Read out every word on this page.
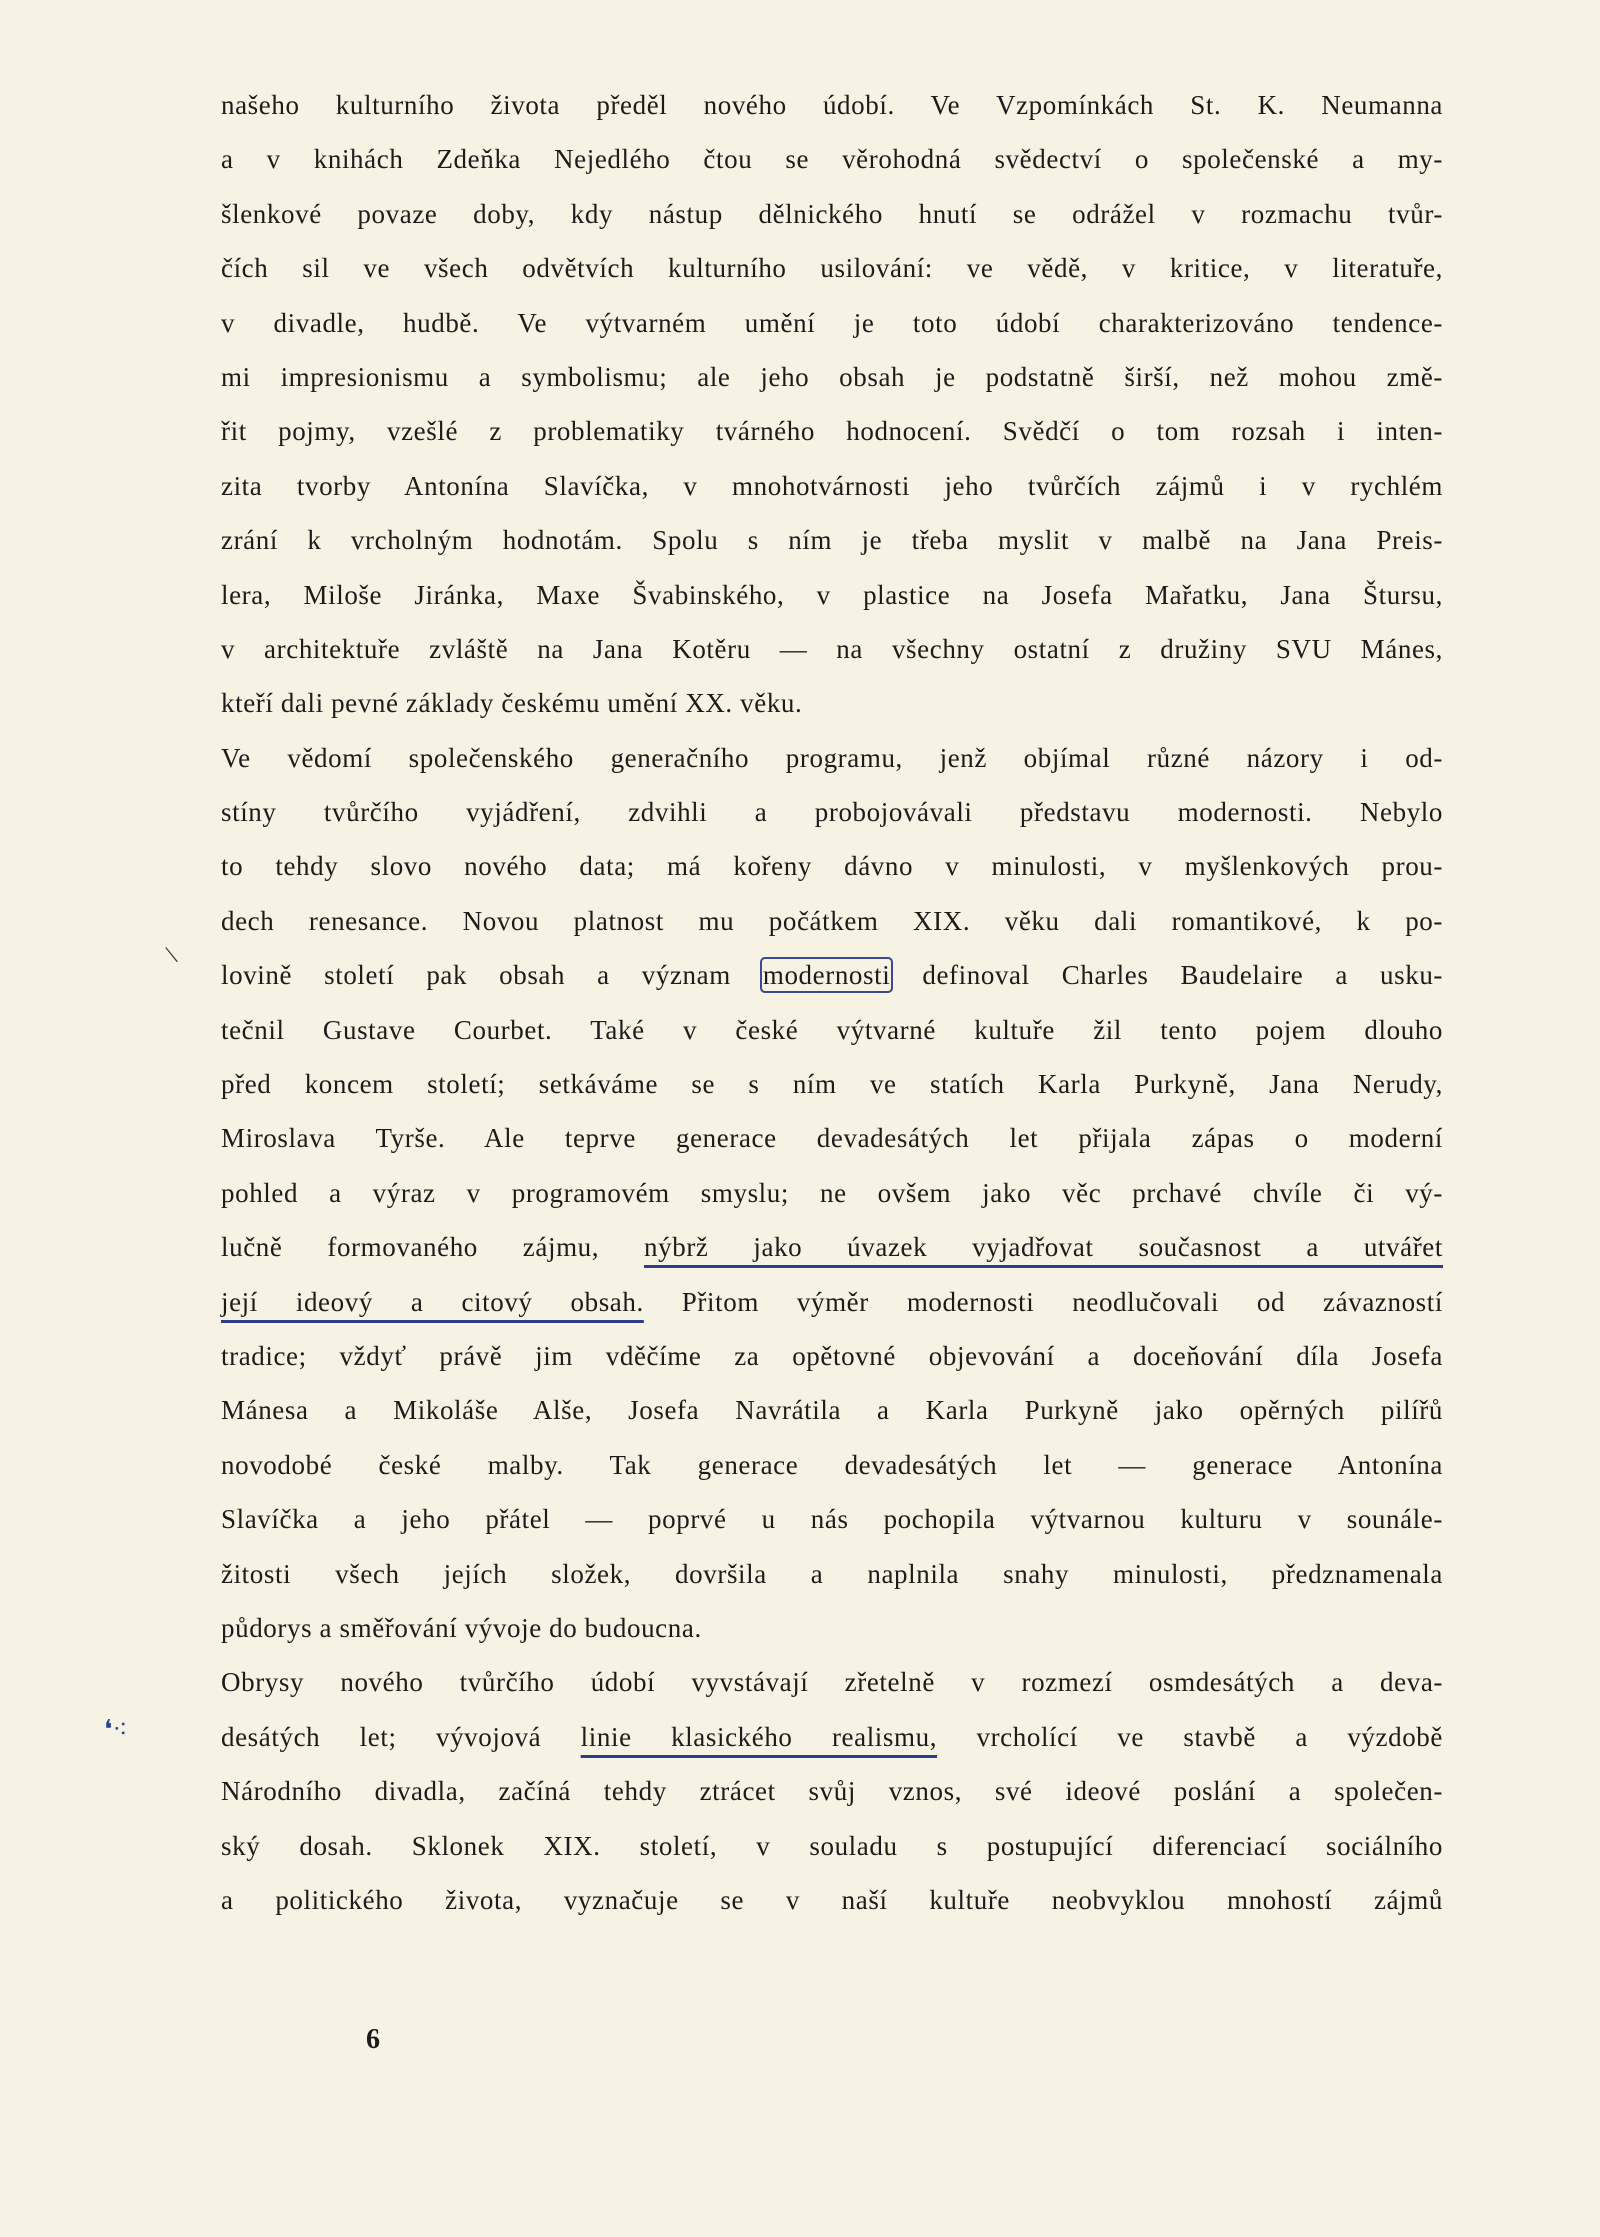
našeho kulturního života předěl nového údobí. Ve Vzpomínkách St. K. Neumanna
a v knihách Zdeňka Nejedlého čtou se věrohodná svědectví o společenské a my-
šlenkové povaze doby, kdy nástup dělnického hnutí se odrážel v rozmachu tvůr-
čích sil ve všech odvětvích kulturního usilování: ve vědě, v kritice, v literatuře,
v divadle, hudbě. Ve výtvarném umění je toto údobí charakterizováno tendence-
mi impresionismu a symbolismu; ale jeho obsah je podstatně širší, než mohou změ-
řit pojmy, vzešlé z problematiky tvárného hodnocení. Svědčí o tom rozsah i inten-
zita tvorby Antonína Slavíčka, v mnohotvárnosti jeho tvůrčích zájmů i v rychlém
zrání k vrcholným hodnotám. Spolu s ním je třeba myslit v malbě na Jana Preis-
lera, Miloše Jiránka, Maxe Švabinského, v plastice na Josefa Mařatku, Jana Štursu,
v architektuře zvláště na Jana Kotěru — na všechny ostatní z družiny SVU Mánes,
kteří dali pevné základy českému umění XX. věku.
Ve vědomí společenského generačního programu, jenž objímal různé názory i od-
stíny tvůrčího vyjádření, zdvihli a probojovávali představu modernosti. Nebylo
to tehdy slovo nového data; má kořeny dávno v minulosti, v myšlenkových prou-
dech renesance. Novou platnost mu počátkem XIX. věku dali romantikové, k po-
lovině století pak obsah a význam modernosti definoval Charles Baudelaire a usku-
tečnil Gustave Courbet. Také v české výtvarné kultuře žil tento pojem dlouho
před koncem století; setkáváme se s ním ve statích Karla Purkyně, Jana Nerudy,
Miroslava Tyrše. Ale teprve generace devadesátých let přijala zápas o moderní
pohled a výraz v programovém smyslu; ne ovšem jako věc prchavé chvíle či vý-
lučně formovaného zájmu, nýbrž jako úvazek vyjadřovat současnost a utvářet
její ideový a citový obsah. Přitom výměr modernosti neodlučovali od závazností
tradice; vždyť právě jim vděčíme za opětovné objevování a doceňování díla Josefa
Mánesa a Mikoláše Alše, Josefa Navrátila a Karla Purkyně jako opěrných pilířů
novodobé české malby. Tak generace devadesátých let — generace Antonína
Slavíčka a jeho přátel — poprvé u nás pochopila výtvarnou kulturu v sounále-
žitosti všech jejích složek, dovršila a naplnila snahy minulosti, předznamenala
půdorys a směřování vývoje do budoucna.
Obrysy nového tvůrčího údobí vyvstávají zřetelně v rozmezí osmdesátých a deva-
desátých let; vývojová linie klasického realismu, vrcholící ve stavbě a výzdobě
Národního divadla, začíná tehdy ztrácet svůj vznos, své ideové poslání a společen-
ský dosah. Sklonek XIX. století, v souladu s postupující diferenciací sociálního
a politického života, vyznačuje se v naší kultuře neobvyklou mnohostí zájmů
\
❛⁖
6
